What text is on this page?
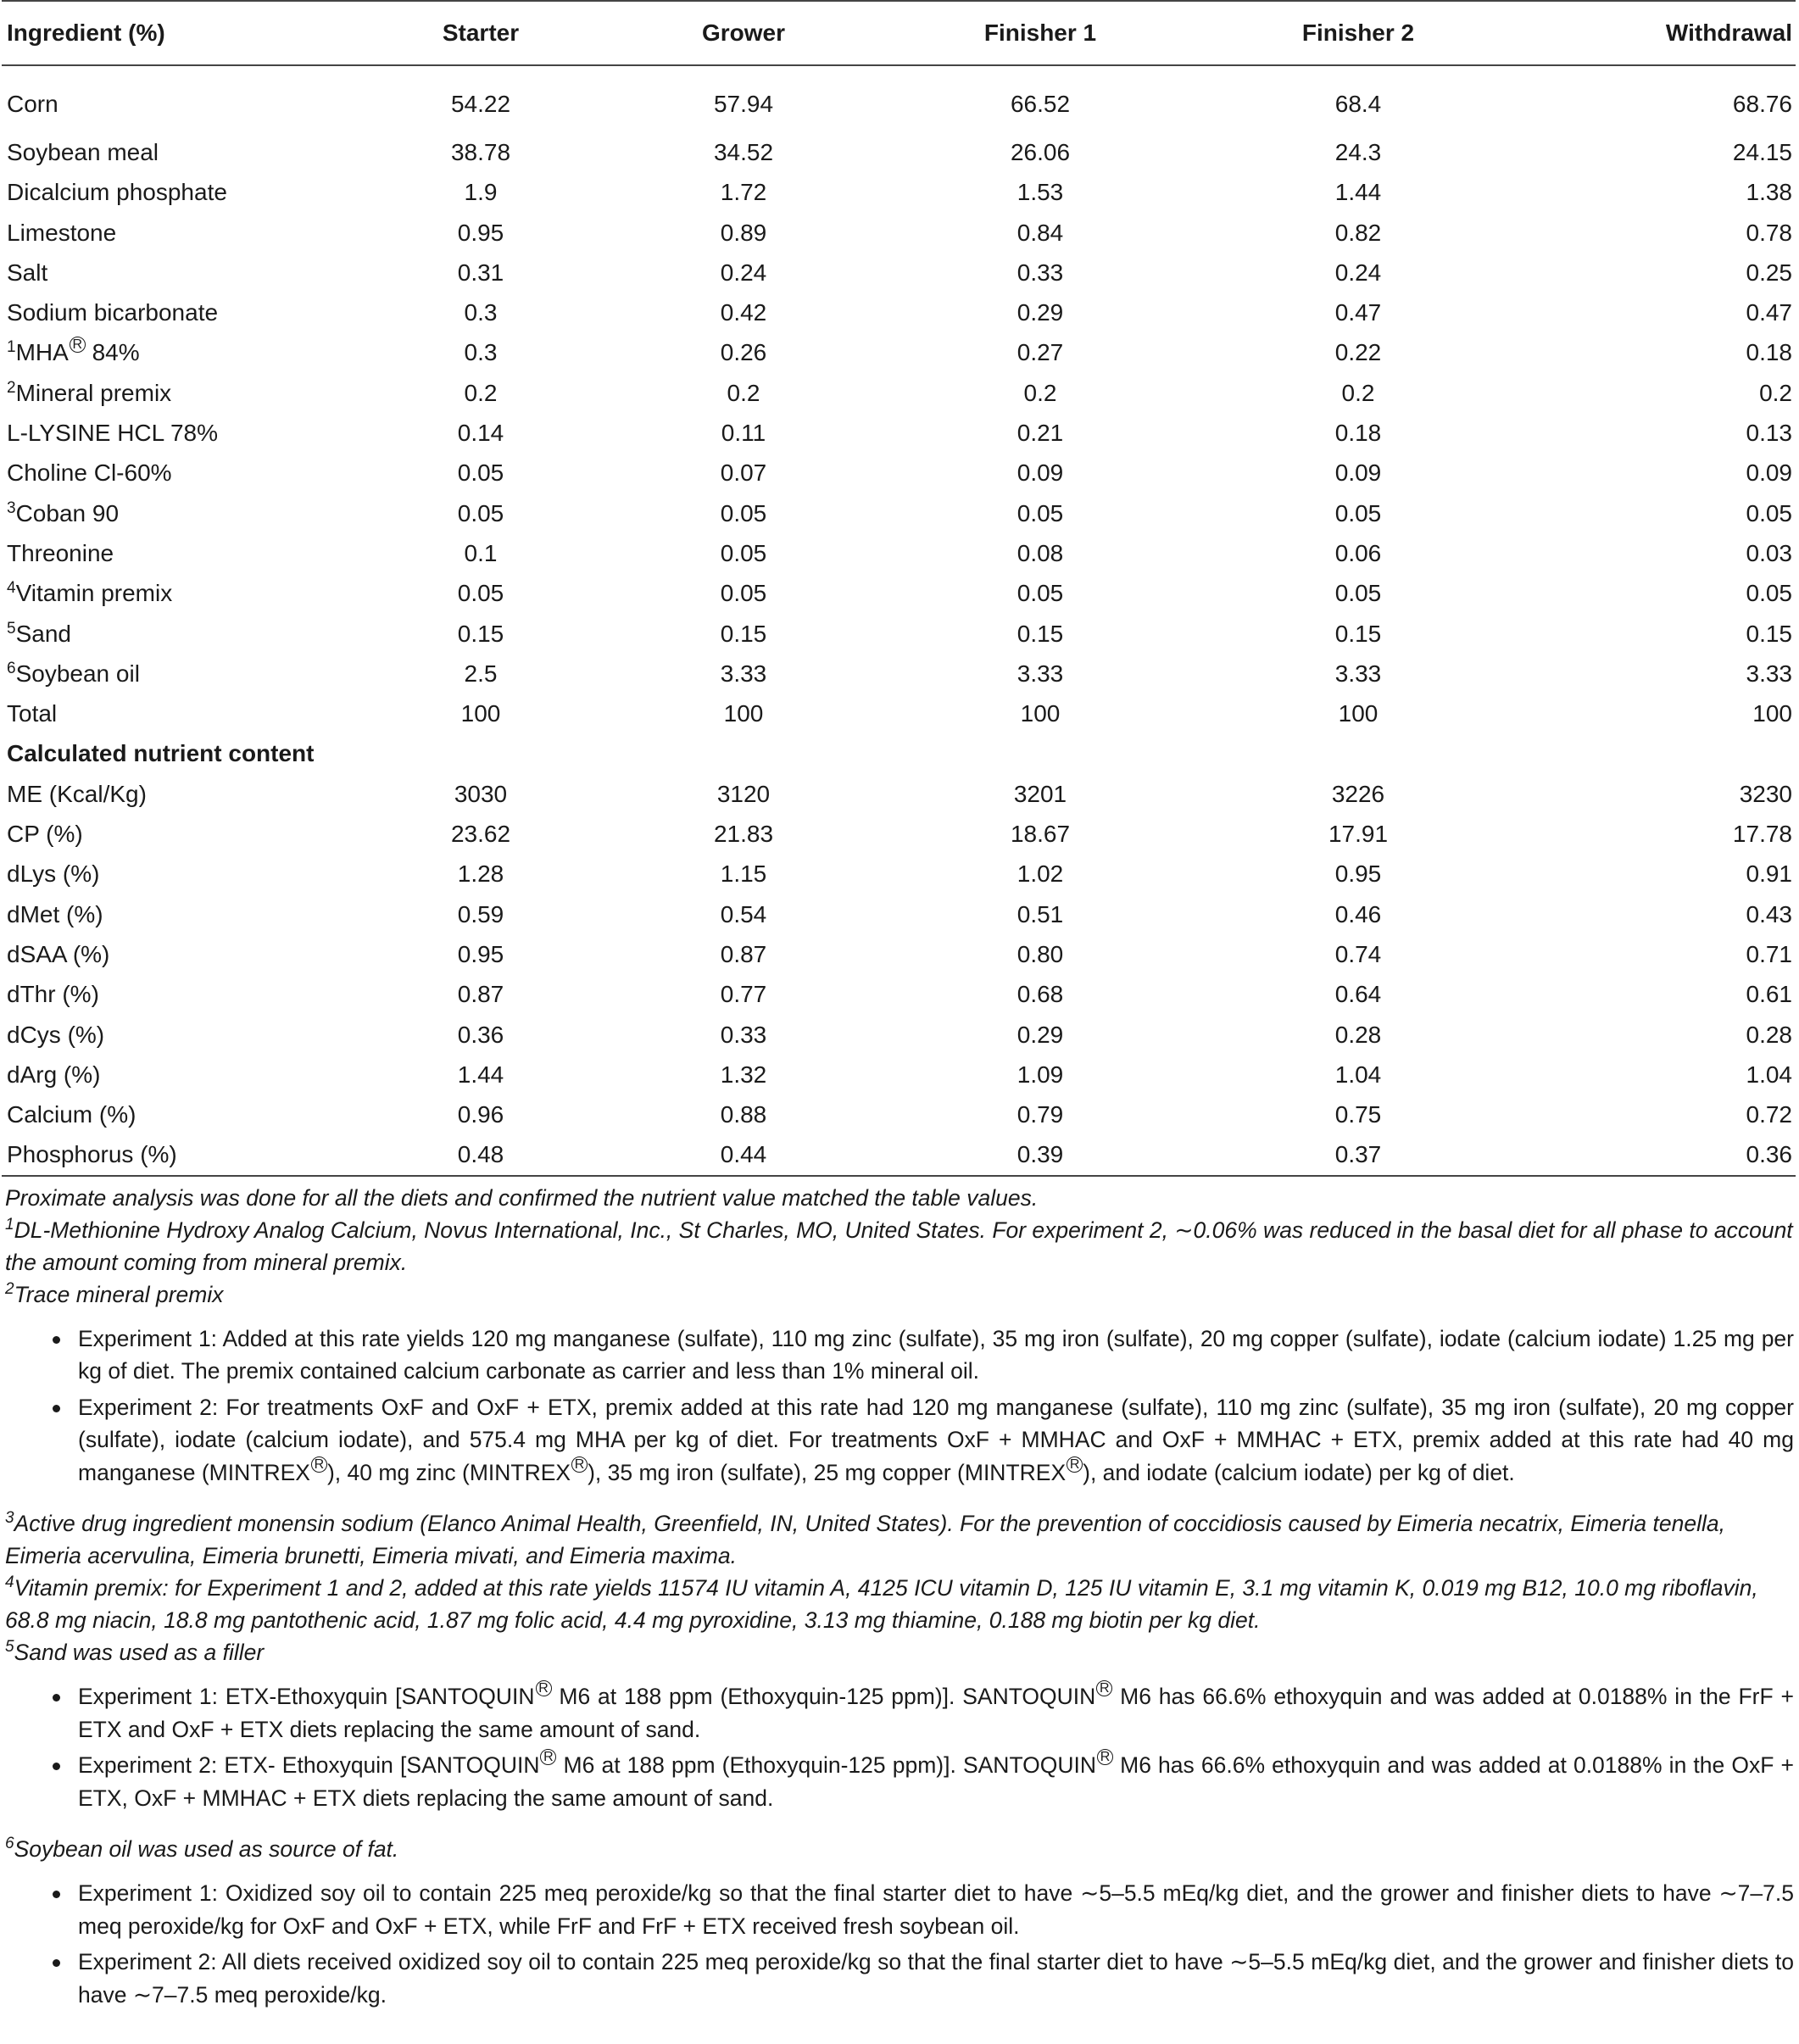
Ingredient (%)	Starter	Grower	Finisher 1	Finisher 2	Withdrawal
Corn	54.22	57.94	66.52	68.4	68.76
Soybean meal	38.78	34.52	26.06	24.3	24.15
Dicalcium phosphate	1.9	1.72	1.53	1.44	1.38
Limestone	0.95	0.89	0.84	0.82	0.78
Salt	0.31	0.24	0.33	0.24	0.25
Sodium bicarbonate	0.3	0.42	0.29	0.47	0.47
$^1$MHA R 84%	0.3	0.26	0.27	0.22	0.18
$^2$Mineral premix	0.2	0.2	0.2	0.2	0.2
L-LYSINE HCL 78%	0.14	0.11	0.21	0.18	0.13
Choline Cl-60%	0.05	0.07	0.09	0.09	0.09
$^3$Coban 90	0.05	0.05	0.05	0.05	0.05
Threonine	0.1	0.05	0.08	0.06	0.03
$^4$Vitamin premix	0.05	0.05	0.05	0.05	0.05
$^5$Sand	0.15	0.15	0.15	0.15	0.15
$^6$Soybean oil	2.5	3.33	3.33	3.33	3.33
Total	100	100	100	100	100
Calculated nutrient content					
ME (Kcal/Kg)	3030	3120	3201	3226	3230
CP (%)	23.62	21.83	18.67	17.91	17.78
dLys (%)	1.28	1.15	1.02	0.95	0.91
dMet (%)	0.59	0.54	0.51	0.46	0.43
dSAA (%)	0.95	0.87	0.80	0.74	0.71
dThr (%)	0.87	0.77	0.68	0.64	0.61
dCys (%)	0.36	0.33	0.29	0.28	0.28
dArg (%)	1.44	1.32	1.09	1.04	1.04
Calcium (%)	0.96	0.88	0.79	0.75	0.72
Phosphorus (%)	0.48	0.44	0.39	0.37	0.36

Proximate analysis was done for all the diets and confirmed the nutrient value matched the table values.

$^1$DL-Methionine Hydroxy Analog Calcium, Novus International, Inc., St Charles, MO, United States. For experiment 2, ∼0.06% was reduced in the basal diet for all phase to account the amount coming from mineral premix.

$^2$Trace mineral premix

Experiment 1: Added at this rate yields 120 mg manganese (sulfate), 110 mg zinc (sulfate), 35 mg iron (sulfate), 20 mg copper (sulfate), iodate (calcium iodate) 1.25 mg per kg of diet. The premix contained calcium carbonate as carrier and less than 1% mineral oil.
Experiment 2: For treatments OxF and OxF + ETX, premix added at this rate had 120 mg manganese (sulfate), 110 mg zinc (sulfate), 35 mg iron (sulfate), 20 mg copper (sulfate), iodate (calcium iodate), and 575.4 mg MHA per kg of diet. For treatments OxF + MMHAC and OxF + MMHAC + ETX, premix added at this rate had 40 mg manganese (MINTREX R ), 40 mg zinc (MINTREX R ), 35 mg iron (sulfate), 25 mg copper (MINTREX R ), and iodate (calcium iodate) per kg of diet.

$^3$Active drug ingredient monensin sodium (Elanco Animal Health, Greenfield, IN, United States). For the prevention of coccidiosis caused by Eimeria necatrix, Eimeria tenella, Eimeria acervulina, Eimeria brunetti, Eimeria mivati, and Eimeria maxima.

$^4$Vitamin premix: for Experiment 1 and 2, added at this rate yields 11574 IU vitamin A, 4125 ICU vitamin D, 125 IU vitamin E, 3.1 mg vitamin K, 0.019 mg B12, 10.0 mg riboflavin, 68.8 mg niacin, 18.8 mg pantothenic acid, 1.87 mg folic acid, 4.4 mg pyroxidine, 3.13 mg thiamine, 0.188 mg biotin per kg diet.

$^5$Sand was used as a filler

Experiment 1: ETX-Ethoxyquin [SANTOQUIN R M6 at 188 ppm (Ethoxyquin-125 ppm)]. SANTOQUIN R M6 has 66.6% ethoxyquin and was added at 0.0188% in the FrF + ETX and OxF + ETX diets replacing the same amount of sand.
Experiment 2: ETX- Ethoxyquin [SANTOQUIN R M6 at 188 ppm (Ethoxyquin-125 ppm)]. SANTOQUIN R M6 has 66.6% ethoxyquin and was added at 0.0188% in the OxF + ETX, OxF + MMHAC + ETX diets replacing the same amount of sand.

$^6$Soybean oil was used as source of fat.

Experiment 1: Oxidized soy oil to contain 225 meq peroxide/kg so that the final starter diet to have ∼5–5.5 mEq/kg diet, and the grower and finisher diets to have ∼7–7.5 meq peroxide/kg for OxF and OxF + ETX, while FrF and FrF + ETX received fresh soybean oil.
Experiment 2: All diets received oxidized soy oil to contain 225 meq peroxide/kg so that the final starter diet to have ∼5–5.5 mEq/kg diet, and the grower and finisher diets to have ∼7–7.5 meq peroxide/kg.
